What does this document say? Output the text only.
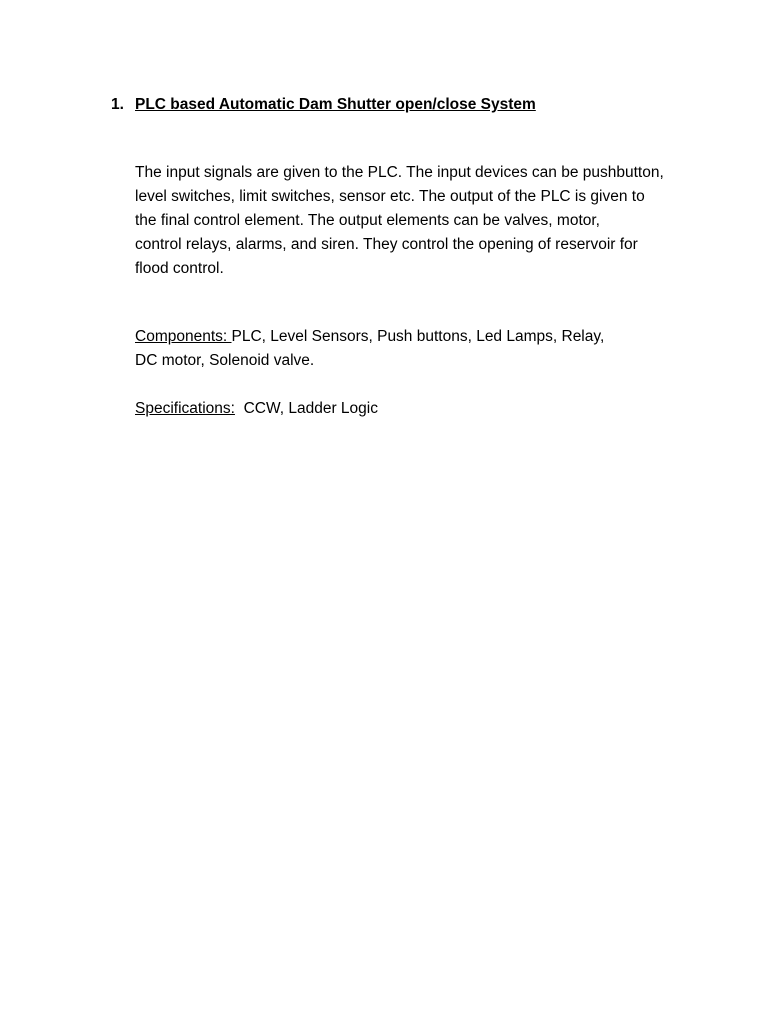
1. PLC based Automatic Dam Shutter open/close System

The input signals are given to the PLC. The input devices can be pushbutton,
level switches, limit switches, sensor etc. The output of the PLC is given to
the final control element. The output elements can be valves, motor,
control relays, alarms, and siren. They control the opening of reservoir for
flood control.

Components: PLC, Level Sensors, Push buttons, Led Lamps, Relay,
DC motor, Solenoid valve.

Specifications:  CCW, Ladder Logic
